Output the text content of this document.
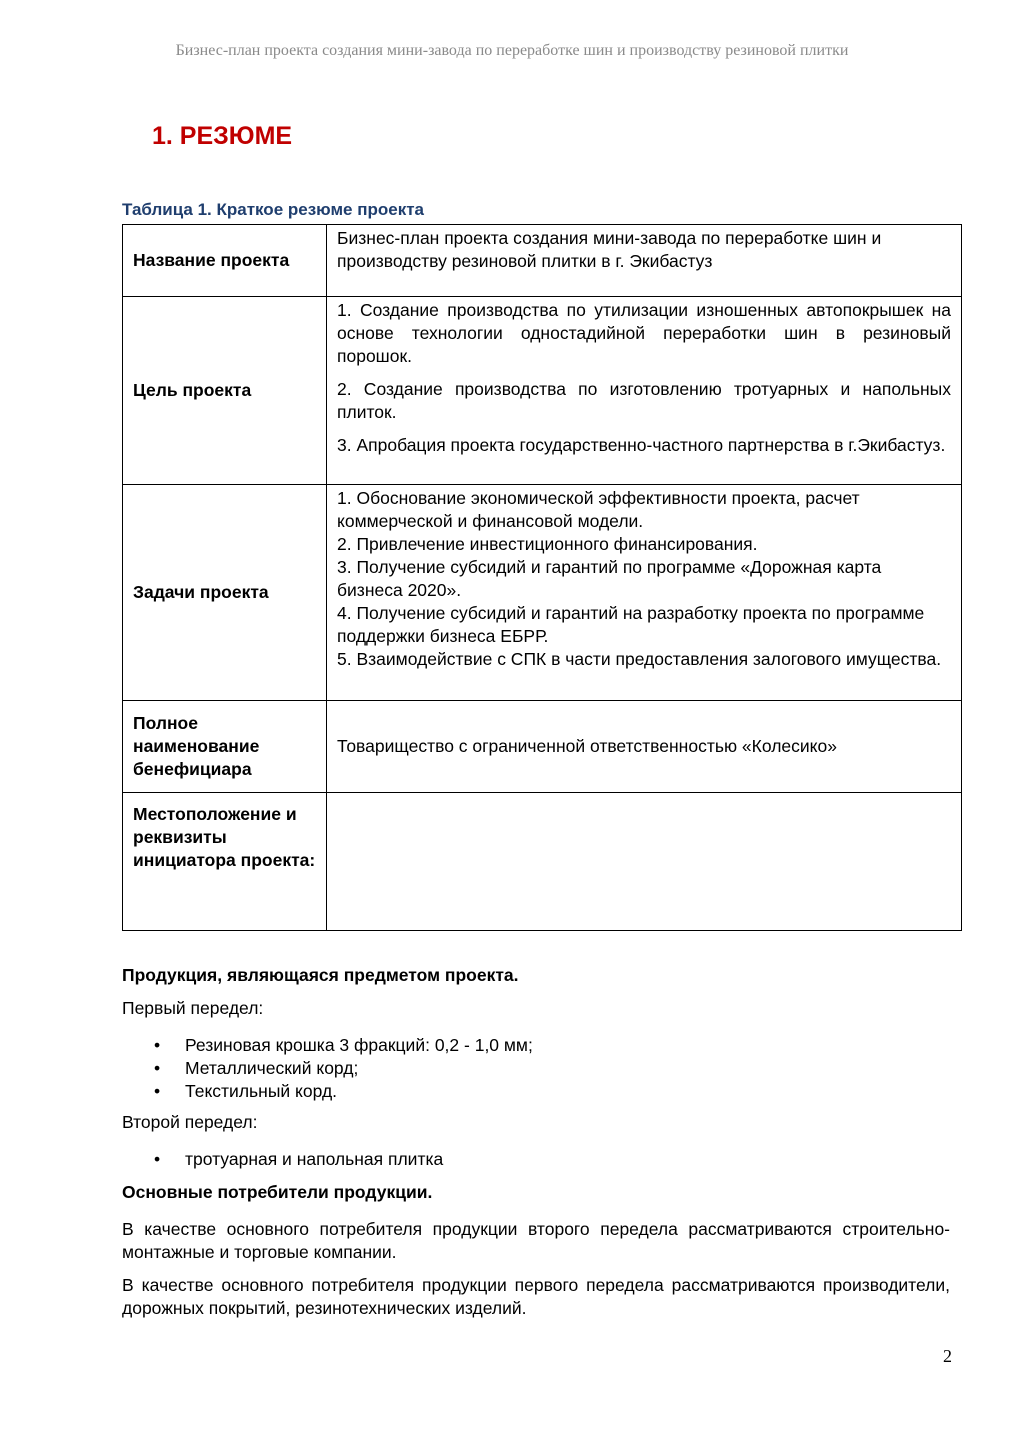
Бизнес-план проекта создания мини-завода по переработке шин и производству резиновой плитки
1. РЕЗЮМЕ
Таблица 1. Краткое резюме проекта
Название проекта	Бизнес-план проекта создания мини-завода по переработке шин и производству резиновой плитки в г. Экибастуз

Цель проекта	1. Создание производства по утилизации изношенных автопокрышек на основе технологии одностадийной переработки шин в резиновый порошок.

2. Создание производства по изготовлению тротуарных и напольных плиток.

3. Апробация проекта государственно-частного партнерства в г.Экибастуз.

Задачи проекта	1. Обоснование экономической эффективности проекта, расчет коммерческой и финансовой модели.

2. Привлечение инвестиционного финансирования.

3. Получение субсидий и гарантий по программе «Дорожная карта бизнеса 2020».

4. Получение субсидий и гарантий на разработку проекта по программе поддержки бизнеса ЕБРР.

5. Взаимодействие с СПК в части предоставления залогового имущества.

Полное наименование бенефициара	Товарищество с ограниченной ответственностью «Колесико»

Местоположение и реквизиты инициатора проекта:	

Продукция, являющаяся предметом проекта.

Первый передел:

• Резиновая крошка 3 фракций: 0,2 - 1,0 мм;
• Металлический корд;
• Текстильный корд.

Второй передел:

• тротуарная и напольная плитка

Основные потребители продукции.

В качестве основного потребителя продукции второго передела рассматриваются строительно-монтажные и торговые компании.

В качестве основного потребителя продукции первого передела рассматриваются производители, дорожных покрытий, резинотехнических изделий.

2
